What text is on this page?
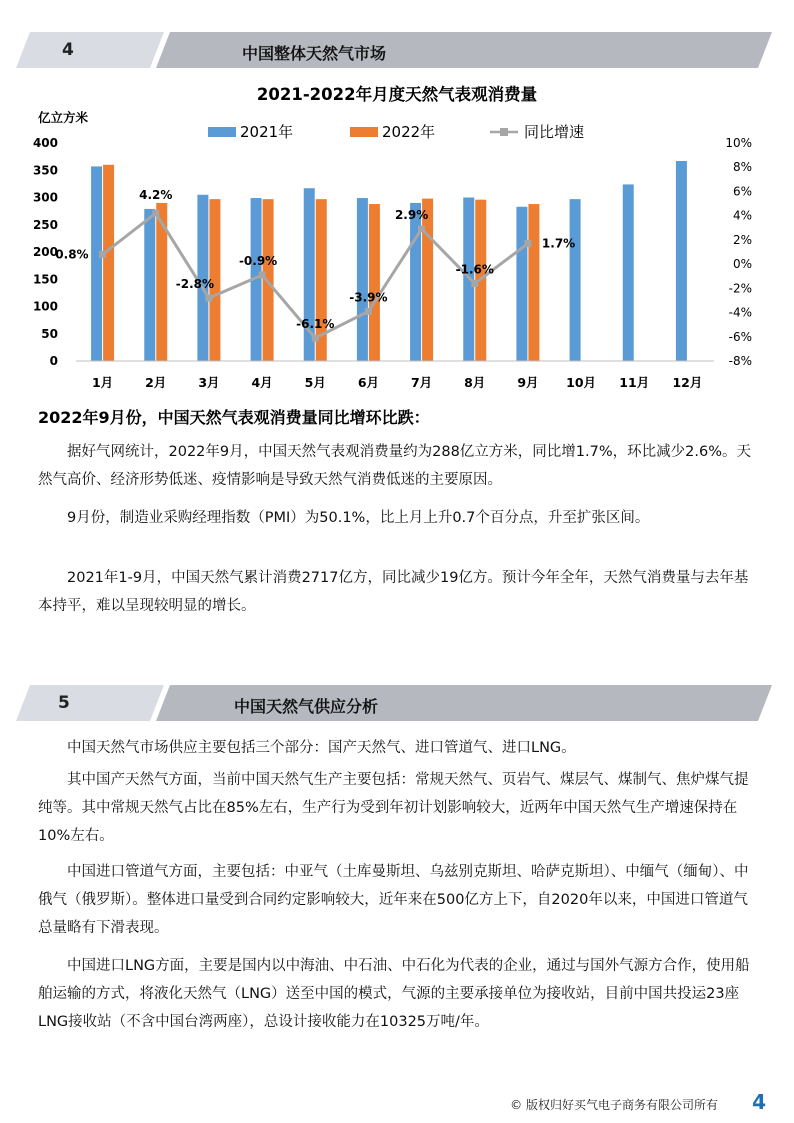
4	中国整体天然气市场
2021-2022年月度天然气表观消费量
亿立方米
2021年	2022年	同比增速
400
350
300
250
200
150
100
50
0
10%
8%
6%
4%
2%
0%
-2%
-4%
-6%
-8%
0.8%
4.2%
-2.8%
-0.9%
-6.1%
-3.9%
2.9%
-1.6%
1.7%
1月	2月	3月	4月	5月	6月	7月	8月	9月 10月 11月 12月
2022年9月份，中国天然气表观消费量同比增环比跌：

据好气网统计，2022年9月，中国天然气表观消费量约为288亿立方米，同比增1.7%，环比减少2.6%。天然气高价、经济形势低迷、疫情影响是导致天然气消费低迷的主要原因。

9月份，制造业采购经理指数（PMI）为50.1%，比上月上升0.7个百分点，升至扩张区间。

2021年1-9月，中国天然气累计消费2717亿方，同比减少19亿方。预计今年全年，天然气消费量与去年基本持平，难以呈现较明显的增长。

5	中国天然气供应分析

中国天然气市场供应主要包括三个部分：国产天然气、进口管道气、进口LNG。

其中国产天然气方面，当前中国天然气生产主要包括：常规天然气、页岩气、煤层气、煤制气、焦炉煤气提纯等。其中常规天然气占比在85%左右，生产行为受到年初计划影响较大，近两年中国天然气生产增速保持在10%左右。

中国进口管道气方面，主要包括：中亚气（土库曼斯坦、乌兹别克斯坦、哈萨克斯坦）、中缅气（缅甸）、中俄气（俄罗斯）。整体进口量受到合同约定影响较大，近年来在500亿方上下，自2020年以来，中国进口管道气总量略有下滑表现。

中国进口LNG方面，主要是国内以中海油、中石油、中石化为代表的企业，通过与国外气源方合作，使用船舶运输的方式，将液化天然气（LNG）送至中国的模式，气源的主要承接单位为接收站，目前中国共投运23座LNG接收站（不含中国台湾两座），总设计接收能力在10325万吨/年。

© 版权归好买气电子商务有限公司所有 4
